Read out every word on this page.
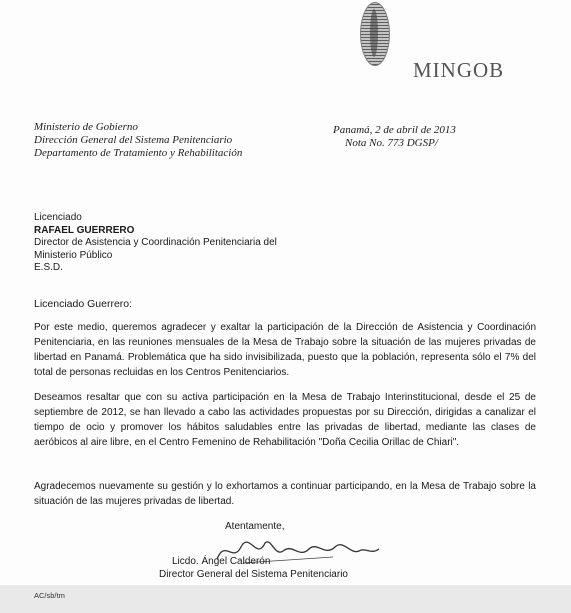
MINGOB
Ministerio de Gobierno
Dirección General del Sistema Penitenciario
Departamento de Tratamiento y Rehabilitación
Panamá, 2 de abril de 2013
Nota No. 773 DGSP/
Licenciado
RAFAEL GUERRERO
Director de Asistencia y Coordinación Penitenciaria del
Ministerio Público
E.S.D.
Licenciado Guerrero:
Por este medio, queremos agradecer y exaltar la participación de la Dirección de Asistencia y Coordinación Penitenciaria, en las reuniones mensuales de la Mesa de Trabajo sobre la situación de las mujeres privadas de libertad en Panamá. Problemática que ha sido invisibilizada, puesto que la población, representa sólo el 7% del total de personas recluidas en los Centros Penitenciarios.
Deseamos resaltar que con su activa participación en la Mesa de Trabajo Interinstitucional, desde el 25 de septiembre de 2012, se han llevado a cabo las actividades propuestas por su Dirección, dirigidas a canalizar el tiempo de ocio y promover los hábitos saludables entre las privadas de libertad, mediante las clases de aeróbicos al aire libre, en el Centro Femenino de Rehabilitación "Doña Cecilia Orillac de Chiari".
Agradecemos nuevamente su gestión y lo exhortamos a continuar participando, en la Mesa de Trabajo sobre la situación de las mujeres privadas de libertad.
Atentamente,
Licdo. Ángel Calderón
Director General del Sistema Penitenciario
AC/sb/tm
